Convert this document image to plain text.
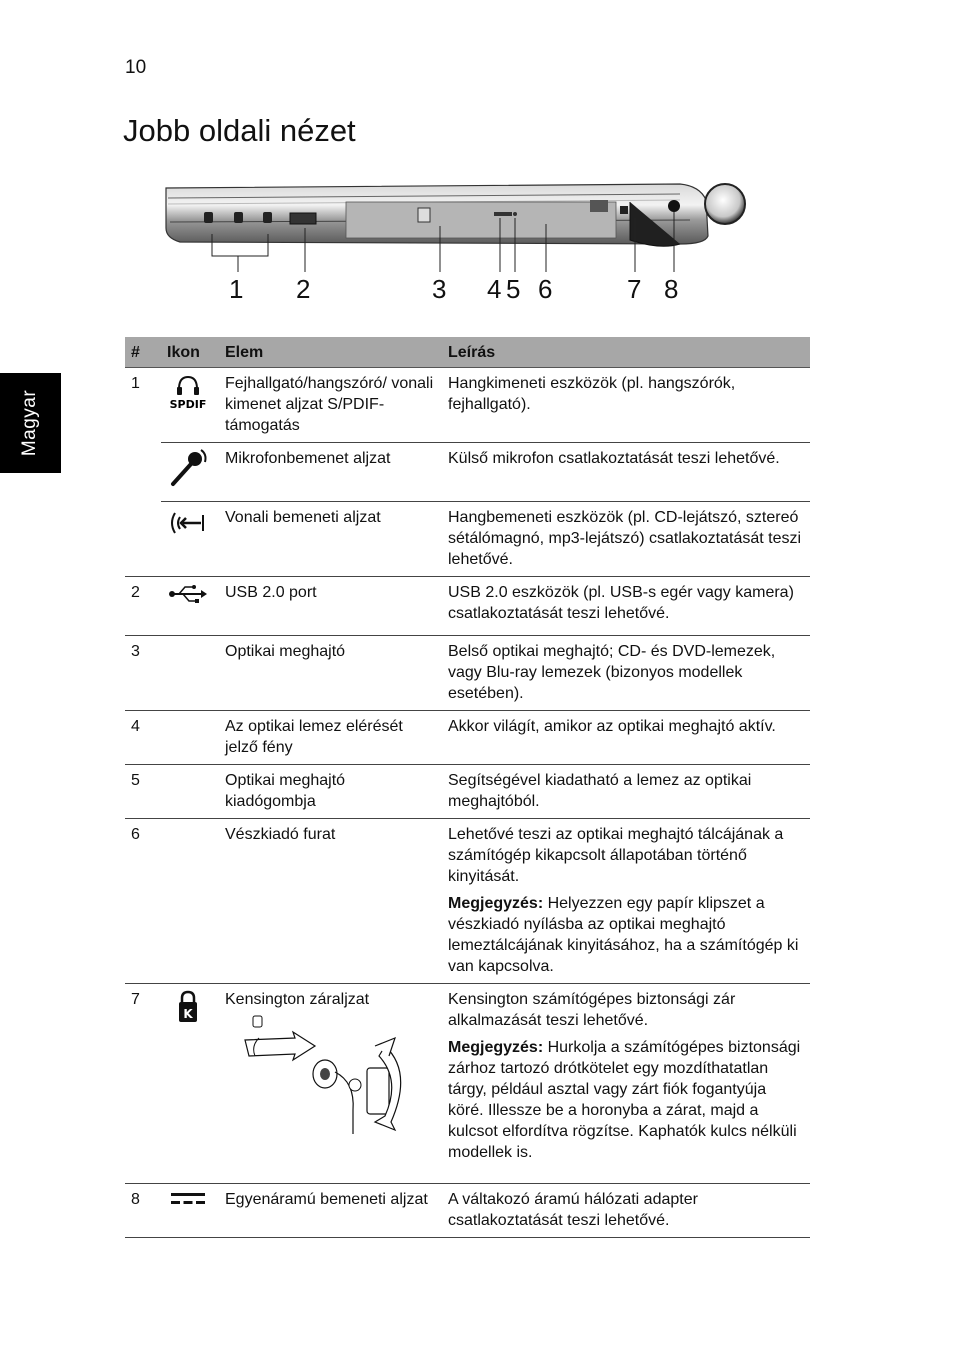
10
Jobb oldali nézet
Magyar
1 2	3 4 5 6	7 8
#	Ikon	Elem	Leírás
1	SPDIF	Fejhallgató/hangszóró/ vonali kimenet aljzat S/PDIF-támogatás	Hangkimeneti eszközök (pl. hangszórók, fejhallgató).
		Mikrofonbemenet aljzat	Külső mikrofon csatlakoztatását teszi lehetővé.
		Vonali bemeneti aljzat	Hangbemeneti eszközök (pl. CD-lejátszó, sztereó sétálómagnó, mp3-lejátszó) csatlakoztatását teszi lehetővé.
2		USB 2.0 port	USB 2.0 eszközök (pl. USB-s egér vagy kamera) csatlakoztatását teszi lehetővé.
3		Optikai meghajtó	Belső optikai meghajtó; CD- és DVD-lemezek, vagy Blu-ray lemezek (bizonyos modellek esetében).
4		Az optikai lemez elérését jelző fény	Akkor világít, amikor az optikai meghajtó aktív.
5		Optikai meghajtó kiadógombja	Segítségével kiadatható a lemez az optikai meghajtóból.
6		Vészkiadó furat	Lehetővé teszi az optikai meghajtó tálcájának a számítógép kikapcsolt állapotában történő kinyitását.
Megjegyzés: Helyezzen egy papír klipszet a vészkiadó nyílásba az optikai meghajtó lemeztálcájának kinyitásához, ha a számítógép ki van kapcsolva.

7	K	Kensington záraljzat	Kensington számítógépes biztonsági zár alkalmazását teszi lehetővé.
Megjegyzés: Hurkolja a számítógépes biztonsági zárhoz tartozó drótkötelet egy mozdíthatatlan tárgy, például asztal vagy zárt fiók fogantyúja köré. Illessze be a horonyba a zárat, majd a kulcsot elfordítva rögzítse. Kaphatók kulcs nélküli modellek is.

8		Egyenáramú bemeneti aljzat	A váltakozó áramú hálózati adapter csatlakoztatását teszi lehetővé.
